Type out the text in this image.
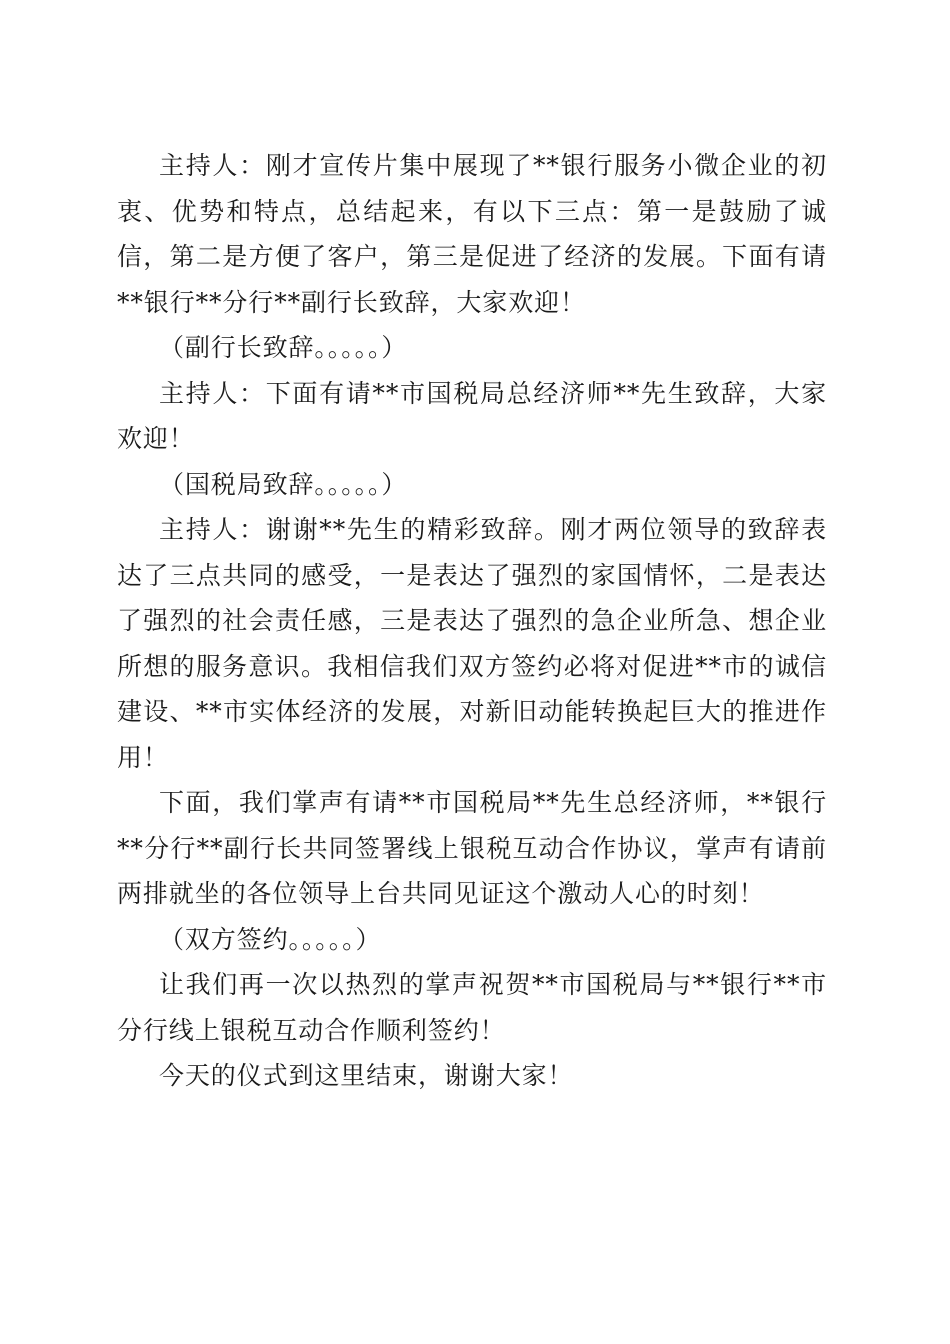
主持人：刚才宣传片集中展现了**银行服务小微企业的初衷、优势和特点，总结起来，有以下三点：第一是鼓励了诚信，第二是方便了客户，第三是促进了经济的发展。下面有请**银行**分行**副行长致辞，大家欢迎！

（副行长致辞。。。。。）

主持人：下面有请**市国税局总经济师**先生致辞，大家欢迎！

（国税局致辞。。。。。）

主持人：谢谢**先生的精彩致辞。刚才两位领导的致辞表达了三点共同的感受，一是表达了强烈的家国情怀，二是表达了强烈的社会责任感，三是表达了强烈的急企业所急、想企业所想的服务意识。我相信我们双方签约必将对促进**市的诚信建设、**市实体经济的发展，对新旧动能转换起巨大的推进作用！

下面，我们掌声有请**市国税局**先生总经济师，**银行**分行**副行长共同签署线上银税互动合作协议，掌声有请前两排就坐的各位领导上台共同见证这个激动人心的时刻！

（双方签约。。。。。）

让我们再一次以热烈的掌声祝贺**市国税局与**银行**市分行线上银税互动合作顺利签约！

今天的仪式到这里结束，谢谢大家！
